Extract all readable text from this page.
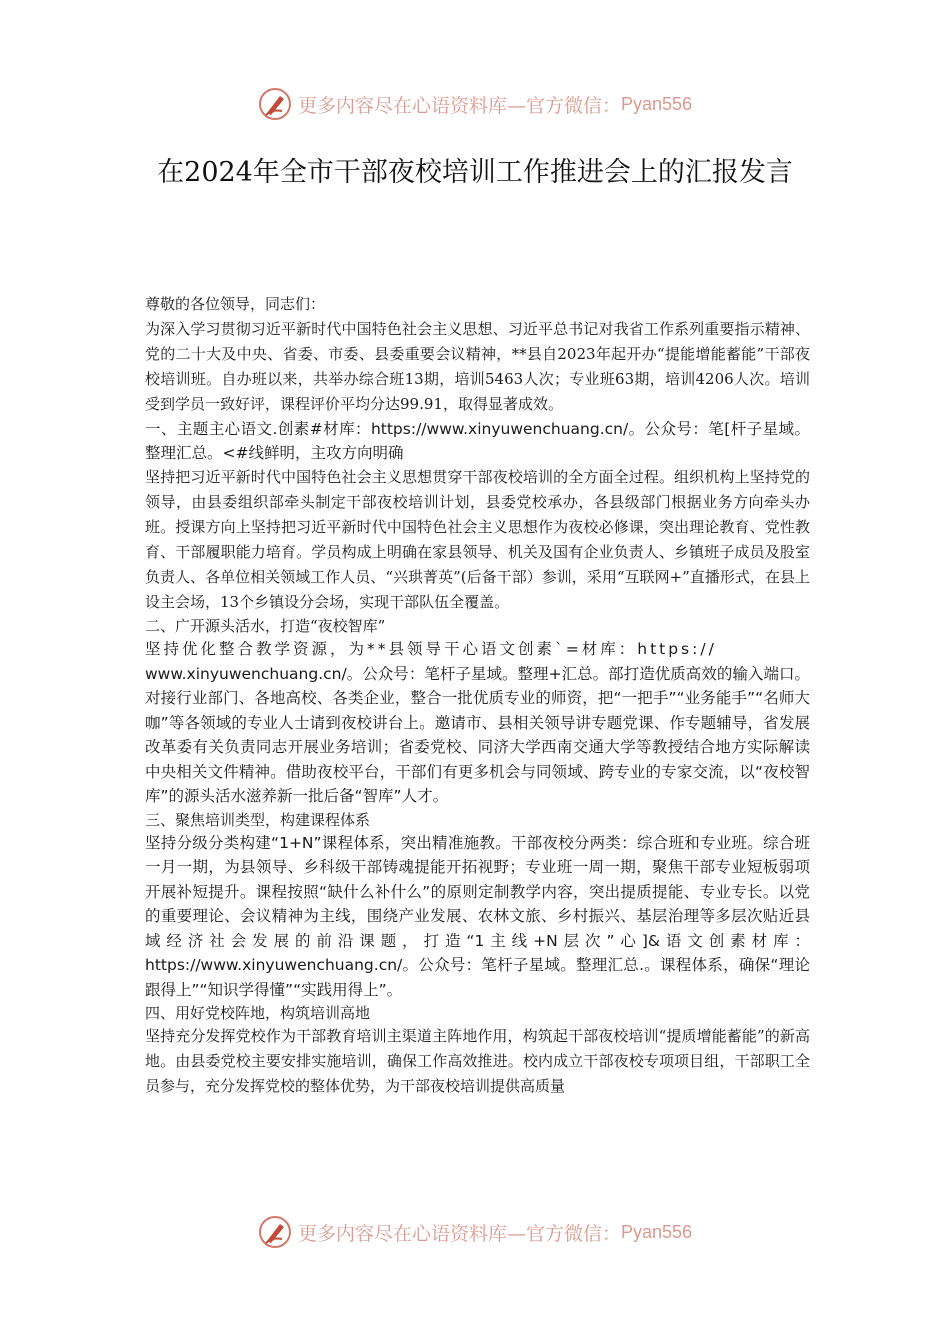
更多内容尽在心语资料库—官方微信： Pyan556
在2024年全市干部夜校培训工作推进会上的汇报发言

尊敬的各位领导，同志们：

为深入学习贯彻习近平新时代中国特色社会主义思想、习近平总书记对我省工作系列重要指示精神、党的二十大及中央、省委、市委、县委重要会议精神，**县自2023年起开办“提能增能蓄能”干部夜校培训班。自办班以来，共举办综合班13期，培训5463人次；专业班63期，培训4206人次。培训受到学员一致好评，课程评价平均分达99.91，取得显著成效。

一、主题主心语文.创素#材库：https://www.xinyuwenchuang.cn/。公众号：笔[杆子星域。整理汇总。<#线鲜明，主攻方向明确

坚持把习近平新时代中国特色社会主义思想贯穿干部夜校培训的全方面全过程。组织机构上坚持党的领导，由县委组织部牵头制定干部夜校培训计划，县委党校承办，各县级部门根据业务方向牵头办班。授课方向上坚持把习近平新时代中国特色社会主义思想作为夜校必修课，突出理论教育、党性教育、干部履职能力培育。学员构成上明确在家县领导、机关及国有企业负责人、乡镇班子成员及股室负责人、各单位相关领域工作人员、“兴珙菁英”(后备干部）参训，采用“互联网+”直播形式，在县上设主会场，13个乡镇设分会场，实现干部队伍全覆盖。

二、广开源头活水，打造“夜校智库”

坚持优化整合教学资源，为**县领导干心语文创素`=材库：https://

www.xinyuwenchuang.cn/。公众号：笔杆子星域。整理+汇总。部打造优质高效的输入端口。对接行业部门、各地高校、各类企业，整合一批优质专业的师资，把“一把手”“业务能手”“名师大咖”等各领域的专业人士请到夜校讲台上。邀请市、县相关领导讲专题党课、作专题辅导，省发展改革委有关负责同志开展业务培训；省委党校、同济大学西南交通大学等教授结合地方实际解读中央相关文件精神。借助夜校平台，干部们有更多机会与同领域、跨专业的专家交流，以“夜校智库”的源头活水滋养新一批后备“智库”人才。

三、聚焦培训类型，构建课程体系

坚持分级分类构建“1+N”课程体系，突出精准施教。干部夜校分两类：综合班和专业班。综合班一月一期，为县领导、乡科级干部铸魂提能开拓视野；专业班一周一期，聚焦干部专业短板弱项开展补短提升。课程按照“缺什么补什么”的原则定制教学内容，突出提质提能、专业专长。以党的重要理论、会议精神为主线，围绕产业发展、农林文旅、乡村振兴、基层治理等多层次贴近县域经济社会发展的前沿课题，打造“1主线+N层次”心]&语文创素材库：https://www.xinyuwenchuang.cn/。公众号：笔杆子星域。整理汇总.。课程体系，确保“理论跟得上”“知识学得懂”“实践用得上”。

四、用好党校阵地，构筑培训高地

坚持充分发挥党校作为干部教育培训主渠道主阵地作用，构筑起干部夜校培训“提质增能蓄能”的新高地。由县委党校主要安排实施培训，确保工作高效推进。校内成立干部夜校专项项目组，干部职工全员参与，充分发挥党校的整体优势，为干部夜校培训提供高质量

更多内容尽在心语资料库—官方微信： Pyan556
